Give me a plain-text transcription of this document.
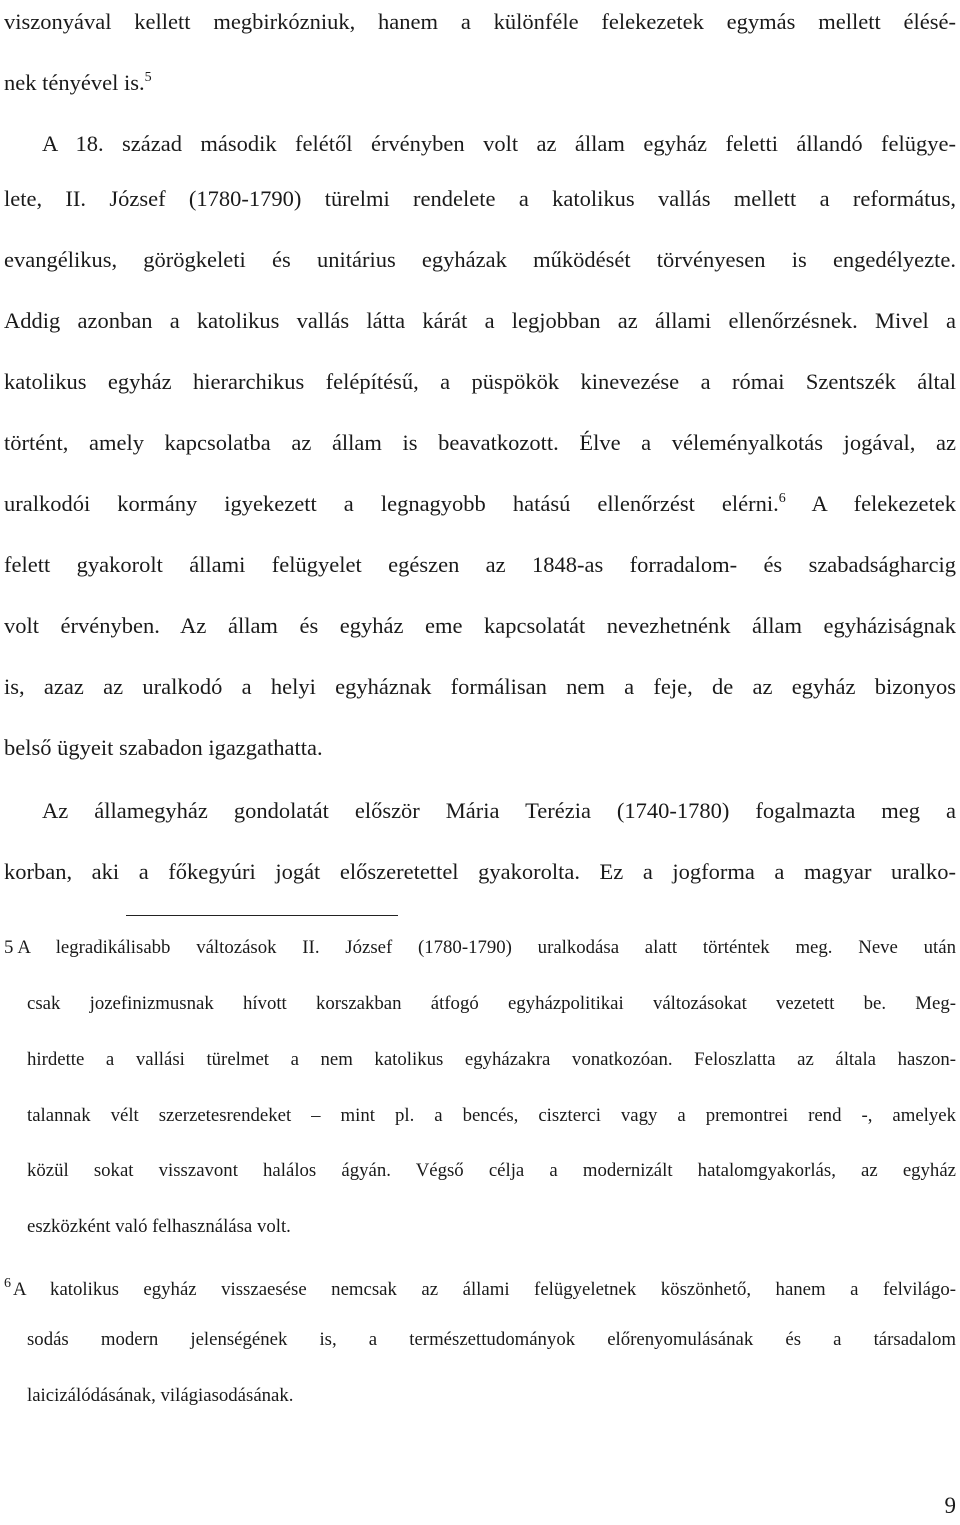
viszonyával kellett megbirkózniuk, hanem a különféle felekezetek egymás mellett élésé-
nek tényével is.$^5$
A 18. század második felétől érvényben volt az állam egyház feletti állandó felügye-
lete, II. József (1780-1790) türelmi rendelete a katolikus vallás mellett a református,
evangélikus, görögkeleti és unitárius egyházak működését törvényesen is engedélyezte.
Addig azonban a katolikus vallás látta kárát a legjobban az állami ellenőrzésnek. Mivel a
katolikus egyház hierarchikus felépítésű, a püspökök kinevezése a római Szentszék által
történt, amely kapcsolatba az állam is beavatkozott. Élve a véleményalkotás jogával, az
uralkodói kormány igyekezett a legnagyobb hatású ellenőrzést elérni.$^6$ A felekezetek
felett gyakorolt állami felügyelet egészen az 1848-as forradalom- és szabadságharcig
volt érvényben. Az állam és egyház eme kapcsolatát nevezhetnénk állam egyháziságnak
is, azaz az uralkodó a helyi egyháznak formálisan nem a feje, de az egyház bizonyos
belső ügyeit szabadon igazgathatta.
Az államegyház gondolatát először Mária Terézia (1740-1780) fogalmazta meg a
korban, aki a főkegyúri jogát előszeretettel gyakorolta. Ez a jogforma a magyar uralko-
5 A legradikálisabb változások II. József (1780-1790) uralkodása alatt történtek meg. Neve után
csak jozefinizmusnak hívott korszakban átfogó egyházpolitikai változásokat vezetett be. Meg-
hirdette a vallási türelmet a nem katolikus egyházakra vonatkozóan. Feloszlatta az általa haszon-
talannak vélt szerzetesrendeket – mint pl. a bencés, ciszterci vagy a premontrei rend -, amelyek
közül sokat visszavont halálos ágyán. Végső célja a modernizált hatalomgyakorlás, az egyház
eszközként való felhasználása volt.
$^6$ A katolikus egyház visszaesése nemcsak az állami felügyeletnek köszönhető, hanem a felvilágo-
sodás modern jelenségének is, a természettudományok előrenyomulásának és a társadalom
laicizálódásának, világiasodásának.
9
